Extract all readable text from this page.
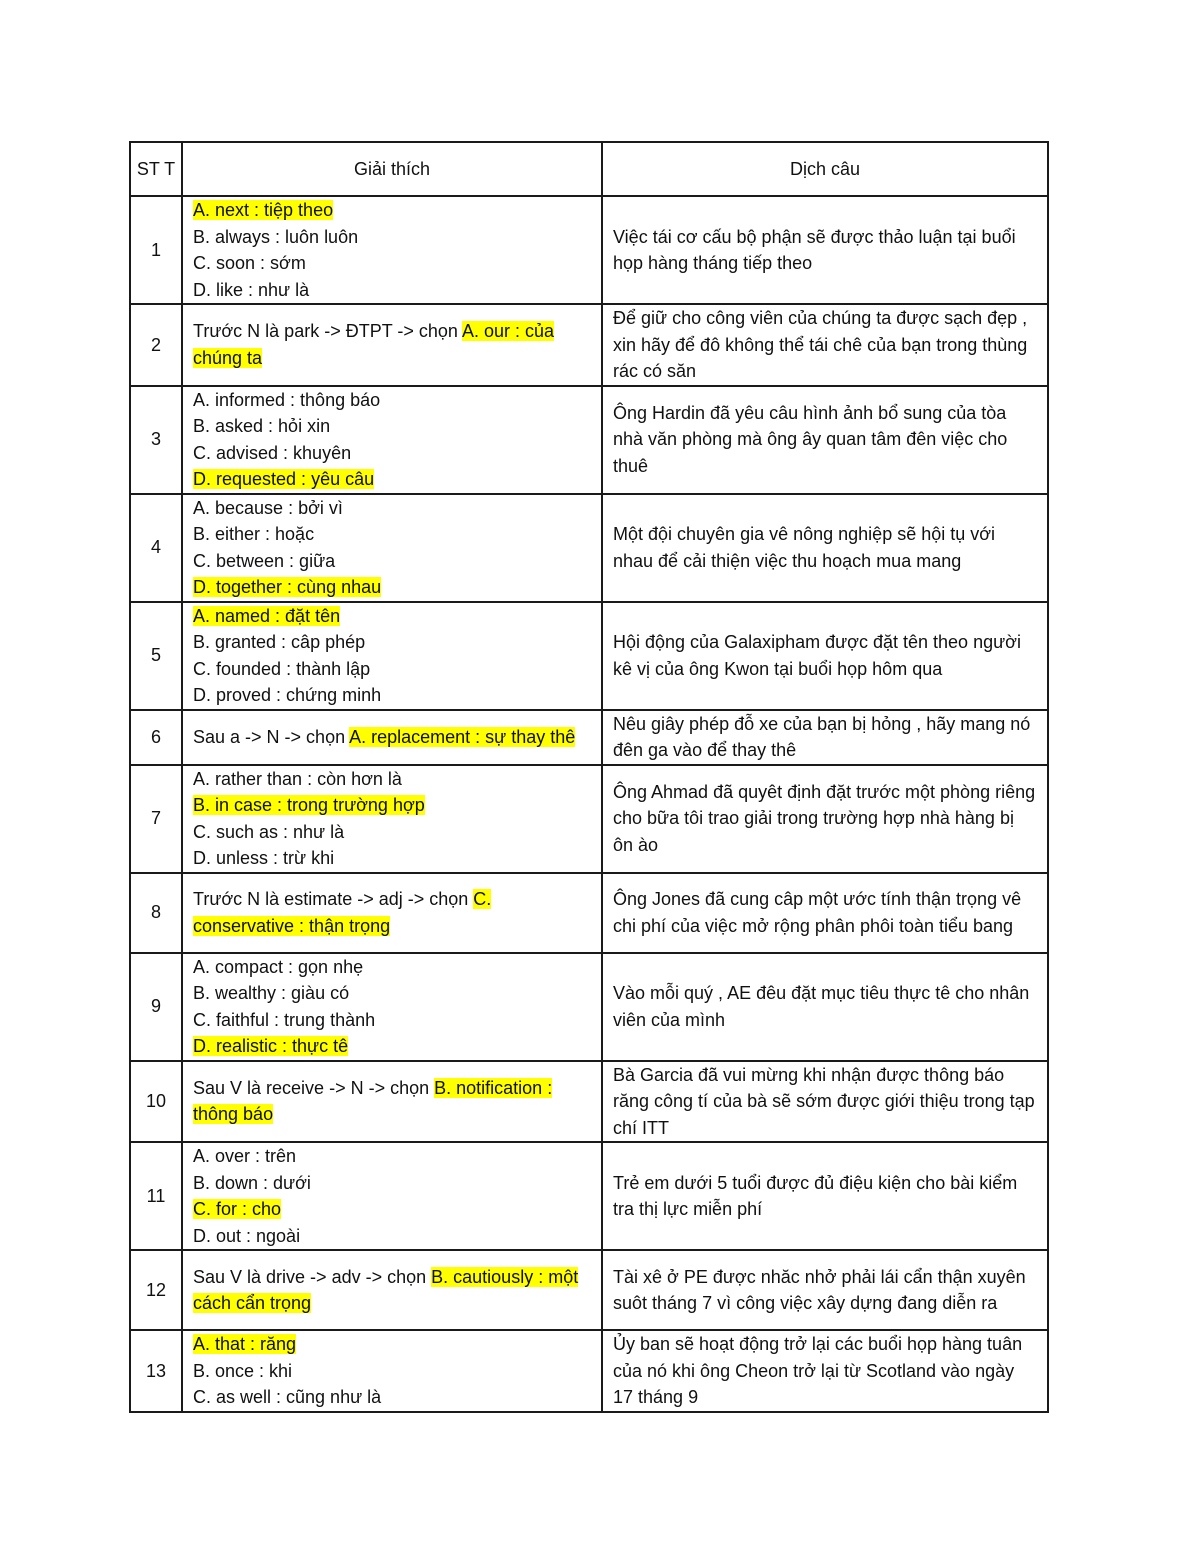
ST T	Giải thích	Dịch câu
1	A. next : tiệp theo
B. always : luôn luôn
C. soon : sớm
D. like : như là	Việc tái cơ cấu bộ phận sẽ được thảo luận tại buổi họp hàng tháng tiếp theo
2	Trước N là park -> ĐTPT -> chọn A. our : của chúng ta	Để giữ cho công viên của chúng ta được sạch đẹp , xin hãy để đô không thể tái chê của bạn trong thùng rác có săn
3	A. informed : thông báo
B. asked : hỏi xin
C. advised : khuyên
D. requested : yêu câu	Ông Hardin đã yêu câu hình ảnh bổ sung của tòa nhà văn phòng mà ông ây quan tâm đên việc cho thuê
4	A. because : bởi vì
B. either : hoặc
C. between : giữa
D. together : cùng nhau	Một đội chuyên gia vê nông nghiệp sẽ hội tụ với nhau để cải thiện việc thu hoạch mua mang
5	A. named : đặt tên
B. granted : câp phép
C. founded : thành lập
D. proved : chứng minh	Hội động của Galaxipham được đặt tên theo người kê vị của ông Kwon tại buổi họp hôm qua
6	Sau a -> N -> chọn A. replacement : sự thay thê	Nêu giây phép đỗ xe của bạn bị hỏng , hãy mang nó đên ga vào để thay thê
7	A. rather than : còn hơn là
B. in case : trong trường hợp
C. such as : như là
D. unless : trừ khi	Ông Ahmad đã quyêt định đặt trước một phòng riêng cho bữa tôi trao giải trong trường hợp nhà hàng bị ôn ào
8	Trước N là estimate -> adj -> chọn C. conservative : thận trọng	Ông Jones đã cung câp một ước tính thận trọng vê chi phí của việc mở rộng phân phôi toàn tiểu bang
9	A. compact : gọn nhẹ
B. wealthy : giàu có
C. faithful : trung thành
D. realistic : thực tê	Vào mỗi quý , AE đêu đặt mục tiêu thực tê cho nhân viên của mình
10	Sau V là receive -> N -> chọn B. notification : thông báo	Bà Garcia đã vui mừng khi nhận được thông báo răng công tí của bà sẽ sớm được giới thiệu trong tạp chí ITT
11	A. over : trên
B. down : dưới
C. for : cho
D. out : ngoài	Trẻ em dưới 5 tuổi được đủ điệu kiện cho bài kiểm tra thị lực miễn phí
12	Sau V là drive -> adv -> chọn B. cautiously : một cách cẩn trọng	Tài xê ở PE được nhăc nhở phải lái cẩn thận xuyên suôt tháng 7 vì công việc xây dựng đang diễn ra
13	A. that : răng
B. once : khi
C. as well : cũng như là	Ủy ban sẽ hoạt động trở lại các buổi họp hàng tuân của nó khi ông Cheon trở lại từ Scotland vào ngày 17 tháng 9
